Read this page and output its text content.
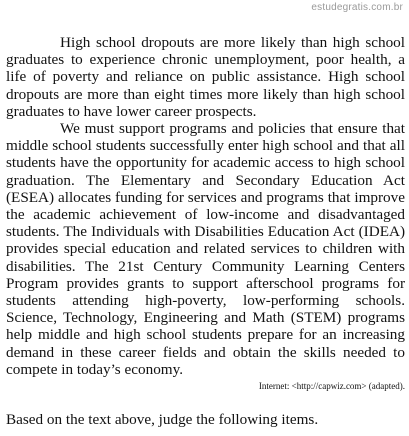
estudegratis.com.br

High school dropouts are more likely than high school graduates to experience chronic unemployment, poor health, a life of poverty and reliance on public assistance. High school dropouts are more than eight times more likely than high school graduates to have lower career prospects.

We must support programs and policies that ensure that middle school students successfully enter high school and that all students have the opportunity for academic access to high school graduation. The Elementary and Secondary Education Act (ESEA) allocates funding for services and programs that improve the academic achievement of low-income and disadvantaged students. The Individuals with Disabilities Education Act (IDEA) provides special education and related services to children with disabilities. The 21st Century Community Learning Centers Program provides grants to support afterschool programs for students attending high-poverty, low-performing schools. Science, Technology, Engineering and Math (STEM) programs help middle and high school students prepare for an increasing demand in these career fields and obtain the skills needed to compete in today’s economy.

Internet: <http://capwiz.com> (adapted).

Based on the text above, judge the following items.
